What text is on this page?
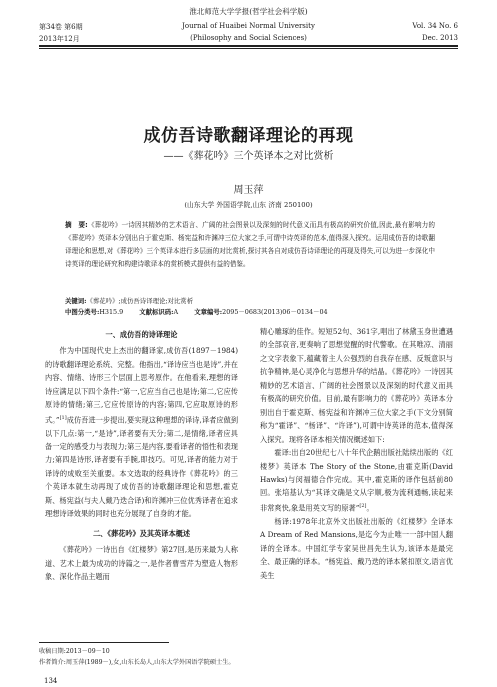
淮北师范大学学报(哲学社会科学版)
第34卷 第6期
2013年12月
Journal of Huaibei Normal University
(Philosophy and Social Sciences)
Vol. 34 No. 6
Dec. 2013
成仿吾诗歌翻译理论的再现
——《葬花吟》三个英译本之对比赏析
周玉萍
(山东大学 外国语学院,山东 济南 250100)
摘　要:《葬花吟》一诗因其精妙的艺术语言、广阔的社会图景以及深刻的时代意义而具有极高的研究价值,因此,最有影响力的《葬花吟》英译本分别出自于霍克斯、杨宪益和许渊冲三位大家之手,可谓中诗英译的范本,值得深入探究。运用成仿吾的诗歌翻译理论和思想,对《葬花吟》三个英译本进行多层面的对比赏析,探讨其各自对成仿吾诗译理论的再现及得失,可以为进一步深化中诗英译的理论研究和构建诗歌译本的赏析模式提供有益的借鉴。
关键词:《葬花吟》;成仿吾诗译理论;对比赏析
中图分类号:H315.9	文献标识码:A	文章编号:2095－0683(2013)06－0134－04

一、成仿吾的诗译理论

作为中国现代史上杰出的翻译家,成仿吾(1897－1984)的诗歌翻译理论系统、完整。他指出,“译诗应当也是诗”,并在内容、情绪、诗形三个层面上思考原作。在他看来,理想的译诗应满足以下四个条件:“第一,它应当自己也是诗;第二,它应传原诗的情绪;第三,它应传原诗的内容;第四,它应取原诗的形式。”[1]成仿吾进一步提出,要实现这种理想的译诗,译者应做到以下几点:第一,“是诗”,译者要有天分;第二,是情绪,译者应具备一定的感受力与表现力;第三是内容,要看译者的悟性和表现力;第四是诗形,译者要有手腕,即技巧。可见,译者的能力对于译诗的成败至关重要。本文选取的经典诗作《葬花吟》的三个英译本就生动再现了成仿吾的诗歌翻译理论和思想,霍克斯、杨宪益(与夫人戴乃迭合译)和许渊冲三位优秀译者在追求理想诗译效果的同时也充分展现了自身的才能。

二、《葬花吟》及其英译本概述

《葬花吟》一诗出自《红楼梦》第27回,是历来最为人称道、艺术上最为成功的诗篇之一,是作者曹雪芹为塑造人物形象、深化作品主题而

精心雕琢的佳作。短短52句、361字,唱出了林黛玉身世遭遇的全部哀音,更奏响了思想觉醒的时代警歌。在其唯凉、清丽之文字表象下,蕴藏着主人公强烈的自我存在感、反叛意识与抗争精神,是心灵净化与思想升华的结晶。《葬花吟》一诗因其精妙的艺术语言、广阔的社会图景以及深刻的时代意义而具有极高的研究价值。目前,最有影响力的《葬花吟》英译本分别出自于霍克斯、杨宪益和许渊冲三位大家之手(下文分别简称为“霍译”、“杨译”、“许译”),可谓中诗英译的范本,值得深入探究。现将各译本相关情况概述如下:

霍译:出自20世纪七八十年代企鹅出版社陆续出版的《红楼梦》英译本 The Story of the Stone,由霍克斯(David Hawks)与闵福德合作完成。其中,霍克斯的译作包括前80回。张培基认为“其译文确是文从字顺,极为流利通畅,读起来非常爽快,象是用英文写的原著”[2]。

杨译:1978年北京外文出版社出版的《红楼梦》全译本 A Dream of Red Mansions,是迄今为止唯一一部中国人翻译的全译本。中国红学专家吴世昌先生认为,该译本是最完全、最正确的译本。“杨宪益、戴乃迭的译本紧扣原文,语言优美生

收稿日期:2013－09－10
作者简介:周玉萍(1989－),女,山东长岛人,山东大学外国语学院硕士生。
134
